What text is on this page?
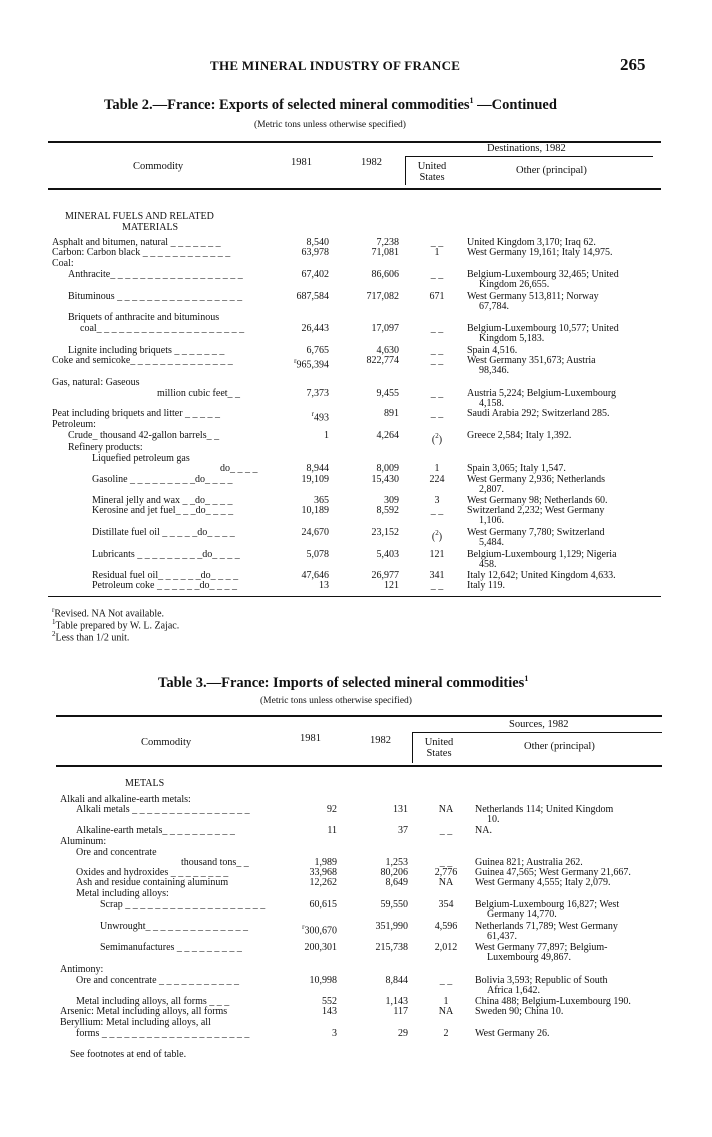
THE MINERAL INDUSTRY OF FRANCE	265
Table 2.—France: Exports of selected mineral commodities$^1$ —Continued
(Metric tons unless otherwise specified)
Destinations, 1982
Commodity	1981	1982	United
States
Other (principal)
MINERAL FUELS AND RELATED
MATERIALS
Asphalt and bitumen, natural _ _ _ _ _ _ _	8,540	7,238	_ _	United Kingdom 3,170; Iraq 62.
Carbon: Carbon black _ _ _ _ _ _ _ _ _ _ _ _	63,978	71,081	1	West Germany 19,161; Italy 14,975.
Coal:
Anthracite_ _ _ _ _ _ _ _ _ _ _ _ _ _ _ _ _ _	67,402	86,606	_ _	Belgium-Luxembourg 32,465; United
Kingdom 26,655.
Bituminous _ _ _ _ _ _ _ _ _ _ _ _ _ _ _ _ _	687,584	717,082	671	West Germany 513,811; Norway
67,784.
Briquets of anthracite and bituminous
coal_ _ _ _ _ _ _ _ _ _ _ _ _ _ _ _ _ _ _ _	26,443	17,097	_ _	Belgium-Luxembourg 10,577; United
Kingdom 5,183.
Lignite including briquets _ _ _ _ _ _ _	6,765	4,630	_ _	Spain 4,516.
Coke and semicoke_ _ _ _ _ _ _ _ _ _ _ _ _ _	$^r$965,394	822,774	_ _	West Germany 351,673; Austria
98,346.
Gas, natural: Gaseous
million cubic feet_ _	7,373	9,455	_ _	Austria 5,224; Belgium-Luxembourg
4,158.
Peat including briquets and litter _ _ _ _ _	$^r$493	891	_ _	Saudi Arabia 292; Switzerland 285.
Petroleum:
Crude_ thousand 42-gallon barrels_ _	1	4,264	($^2$)	Greece 2,584; Italy 1,392.
Refinery products:
Liquefied petroleum gas
do_ _ _ _	8,944	8,009	1	Spain 3,065; Italy 1,547.
Gasoline _ _ _ _ _ _ _ _ _do_ _ _ _	19,109	15,430	224	West Germany 2,936; Netherlands
2,807.
Mineral jelly and wax _ _do_ _ _ _	365	309	3	West Germany 98; Netherlands 60.
Kerosine and jet fuel_ _ _do_ _ _ _	10,189	8,592	_ _	Switzerland 2,232; West Germany
1,106.
Distillate fuel oil _ _ _ _ _do_ _ _ _	24,670	23,152	($^2$)	West Germany 7,780; Switzerland
5,484.
Lubricants _ _ _ _ _ _ _ _ _do_ _ _ _	5,078	5,403	121	Belgium-Luxembourg 1,129; Nigeria
458.
Residual fuel oil_ _ _ _ _ _do_ _ _ _	47,646	26,977	341	Italy 12,642; United Kingdom 4,633.
Petroleum coke _ _ _ _ _ _do_ _ _ _	13	121	_ _	Italy 119.
$^r$Revised. NA Not available.
$^1$Table prepared by W. L. Zajac.
$^2$Less than 1/2 unit.
Table 3.—France: Imports of selected mineral commodities$^1$
(Metric tons unless otherwise specified)
Sources, 1982
Commodity	1981	1982	United
States
Other (principal)
METALS
Alkali and alkaline-earth metals:
Alkali metals _ _ _ _ _ _ _ _ _ _ _ _ _ _ _ _	92	131	NA	Netherlands 114; United Kingdom
10.
Alkaline-earth metals_ _ _ _ _ _ _ _ _ _	11	37	_ _	NA.
Aluminum:
Ore and concentrate
thousand tons_ _	1,989	1,253	_ _	Guinea 821; Australia 262.
Oxides and hydroxides _ _ _ _ _ _ _ _	33,968	80,206	2,776	Guinea 47,565; West Germany 21,667.
Ash and residue containing aluminum	12,262	8,649	NA	West Germany 4,555; Italy 2,079.
Metal including alloys:
Scrap _ _ _ _ _ _ _ _ _ _ _ _ _ _ _ _ _ _ _	60,615	59,550	354	Belgium-Luxembourg 16,827; West
Germany 14,770.
Unwrought_ _ _ _ _ _ _ _ _ _ _ _ _ _	$^r$300,670	351,990	4,596	Netherlands 71,789; West Germany
61,437.
Semimanufactures _ _ _ _ _ _ _ _ _	200,301	215,738	2,012	West Germany 77,897; Belgium-
Luxembourg 49,867.
Antimony:
Ore and concentrate _ _ _ _ _ _ _ _ _ _ _	10,998	8,844	_ _	Bolivia 3,593; Republic of South
Africa 1,642.
Metal including alloys, all forms _ _ _	552	1,143	1	China 488; Belgium-Luxembourg 190.
Arsenic: Metal including alloys, all forms	143	117	NA	Sweden 90; China 10.
Beryllium: Metal including alloys, all
forms _ _ _ _ _ _ _ _ _ _ _ _ _ _ _ _ _ _ _ _	3	29	2	West Germany 26.
See footnotes at end of table.
